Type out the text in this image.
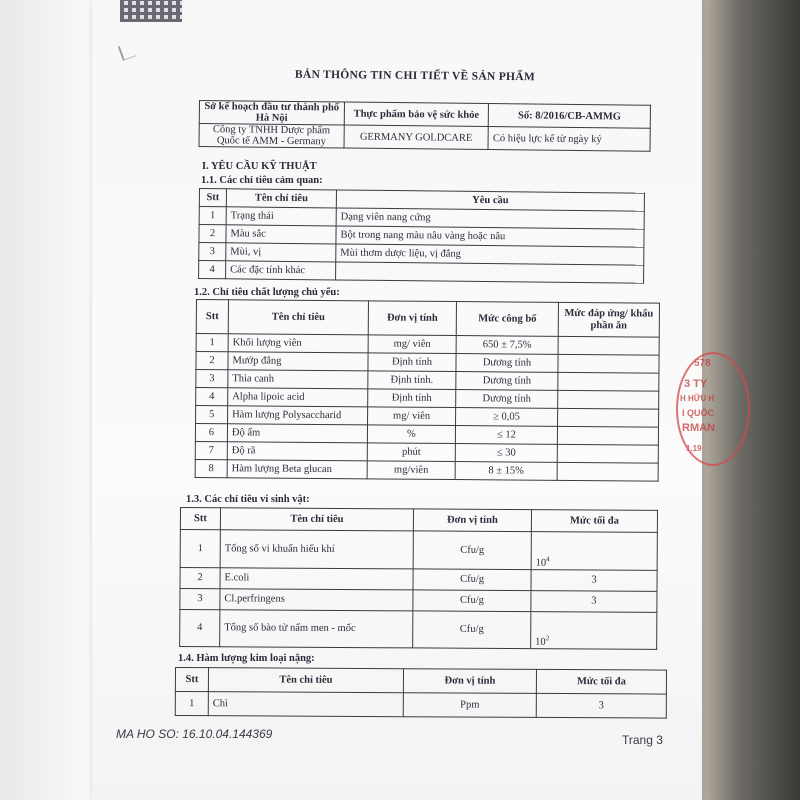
578
3 TY
H HỮU H
I QUỐC
RMAN
1.19
BẢN THÔNG TIN CHI TIẾT VỀ SẢN PHẨM
Sở kế hoạch đầu tư thành phố Hà Nội	Thực phẩm bảo vệ sức khỏe	Số: 8/2016/CB-AMMG
Công ty TNHH Dược phẩm Quốc tế AMM - Germany	GERMANY GOLDCARE	Có hiệu lực kể từ ngày ký
I. YÊU CẦU KỸ THUẬT
1.1. Các chỉ tiêu cảm quan:
Stt	Tên chỉ tiêu	Yêu cầu
1	Trạng thái	Dạng viên nang cứng
2	Màu sắc	Bột trong nang màu nâu vàng hoặc nâu
3	Mùi, vị	Mùi thơm dược liệu, vị đắng
4	Các đặc tính khác	
1.2. Chỉ tiêu chất lượng chủ yếu:
Stt	Tên chỉ tiêu	Đơn vị tính	Mức công bố	Mức đáp ứng/ khẩu phần ăn
1	Khối lượng viên	mg/ viên	650 ± 7,5%	
2	Mướp đắng	Định tính	Dương tính	
3	Thìa canh	Định tính.	Dương tính	
4	Alpha lipoic acid	Định tính	Dương tính	
5	Hàm lượng Polysaccharid	mg/ viên	≥ 0,05	
6	Độ ẩm	%	≤ 12	
7	Độ rã	phút	≤ 30	
8	Hàm lượng Beta glucan	mg/viên	8 ± 15%	
1.3. Các chỉ tiêu vi sinh vật:
Stt	Tên chỉ tiêu	Đơn vị tính	Mức tối đa
1	Tổng số vi khuẩn hiếu khí	Cfu/g	$10^4$
2	E.coli	Cfu/g	3
3	Cl.perfringens	Cfu/g	3
4	Tổng số bào tử nấm men - mốc	Cfu/g	$10^2$
1.4. Hàm lượng kim loại nặng:
Stt	Tên chỉ tiêu	Đơn vị tính	Mức tối đa
1	Chì	Ppm	3
MA HO SO: 16.10.04.144369	Trang 3
